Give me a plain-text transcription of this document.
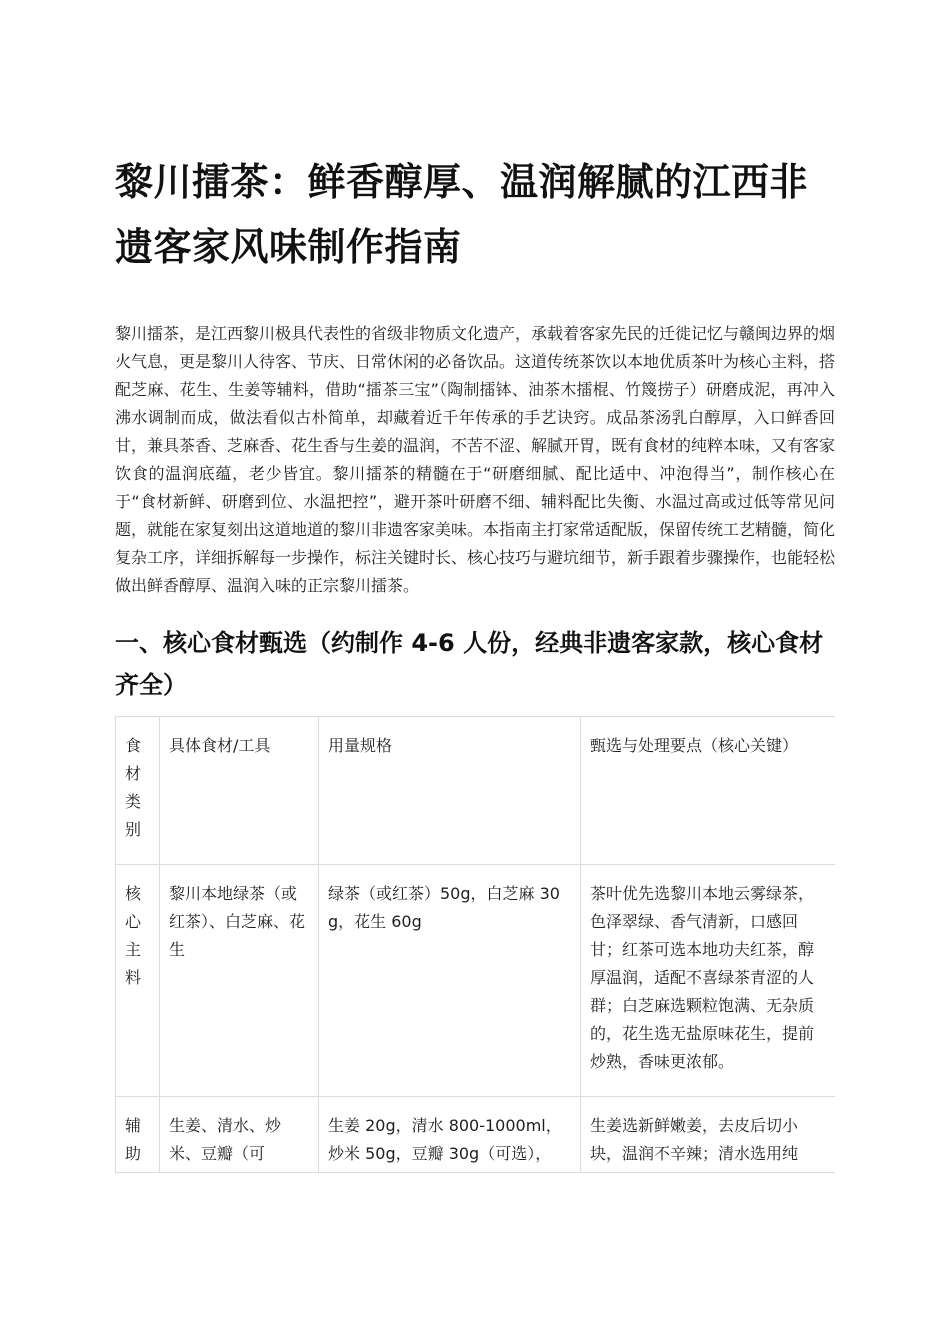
黎川擂茶：鲜香醇厚、温润解腻的江西非遗客家风味制作指南

黎川擂茶，是江西黎川极具代表性的省级非物质文化遗产，承载着客家先民的迁徙记忆与赣闽边界的烟火气息，更是黎川人待客、节庆、日常休闲的必备饮品。这道传统茶饮以本地优质茶叶为核心主料，搭配芝麻、花生、生姜等辅料，借助“擂茶三宝”（陶制擂钵、油茶木擂棍、竹篾捞子）研磨成泥，再冲入沸水调制而成，做法看似古朴简单，却藏着近千年传承的手艺诀窍。成品茶汤乳白醇厚，入口鲜香回甘，兼具茶香、芝麻香、花生香与生姜的温润，不苦不涩、解腻开胃，既有食材的纯粹本味，又有客家饮食的温润底蕴，老少皆宜。黎川擂茶的精髓在于“研磨细腻、配比适中、冲泡得当”，制作核心在于“食材新鲜、研磨到位、水温把控”，避开茶叶研磨不细、辅料配比失衡、水温过高或过低等常见问题，就能在家复刻出这道地道的黎川非遗客家美味。本指南主打家常适配版，保留传统工艺精髓，简化复杂工序，详细拆解每一步操作，标注关键时长、核心技巧与避坑细节，新手跟着步骤操作，也能轻松做出鲜香醇厚、温润入味的正宗黎川擂茶。

一、核心食材甄选（约制作 4-6 人份，经典非遗客家款，核心食材齐全）
食材类别	具体食材/工具	用量规格	甄选与处理要点（核心关键）
核心主料	黎川本地绿茶（或红茶）、白芝麻、花生	绿茶（或红茶）50g，白芝麻 30g，花生 60g	茶叶优先选黎川本地云雾绿茶，色泽翠绿、香气清新，口感回甘；红茶可选本地功夫红茶，醇厚温润，适配不喜绿茶青涩的人群；白芝麻选颗粒饱满、无杂质的，花生选无盐原味花生，提前炒熟，香味更浓郁。
辅助	生姜、清水、炒米、豆瓣（可	生姜 20g，清水 800-1000ml，炒米 50g，豆瓣 30g（可选），	生姜选新鲜嫩姜，去皮后切小块，温润不辛辣；清水选用纯
